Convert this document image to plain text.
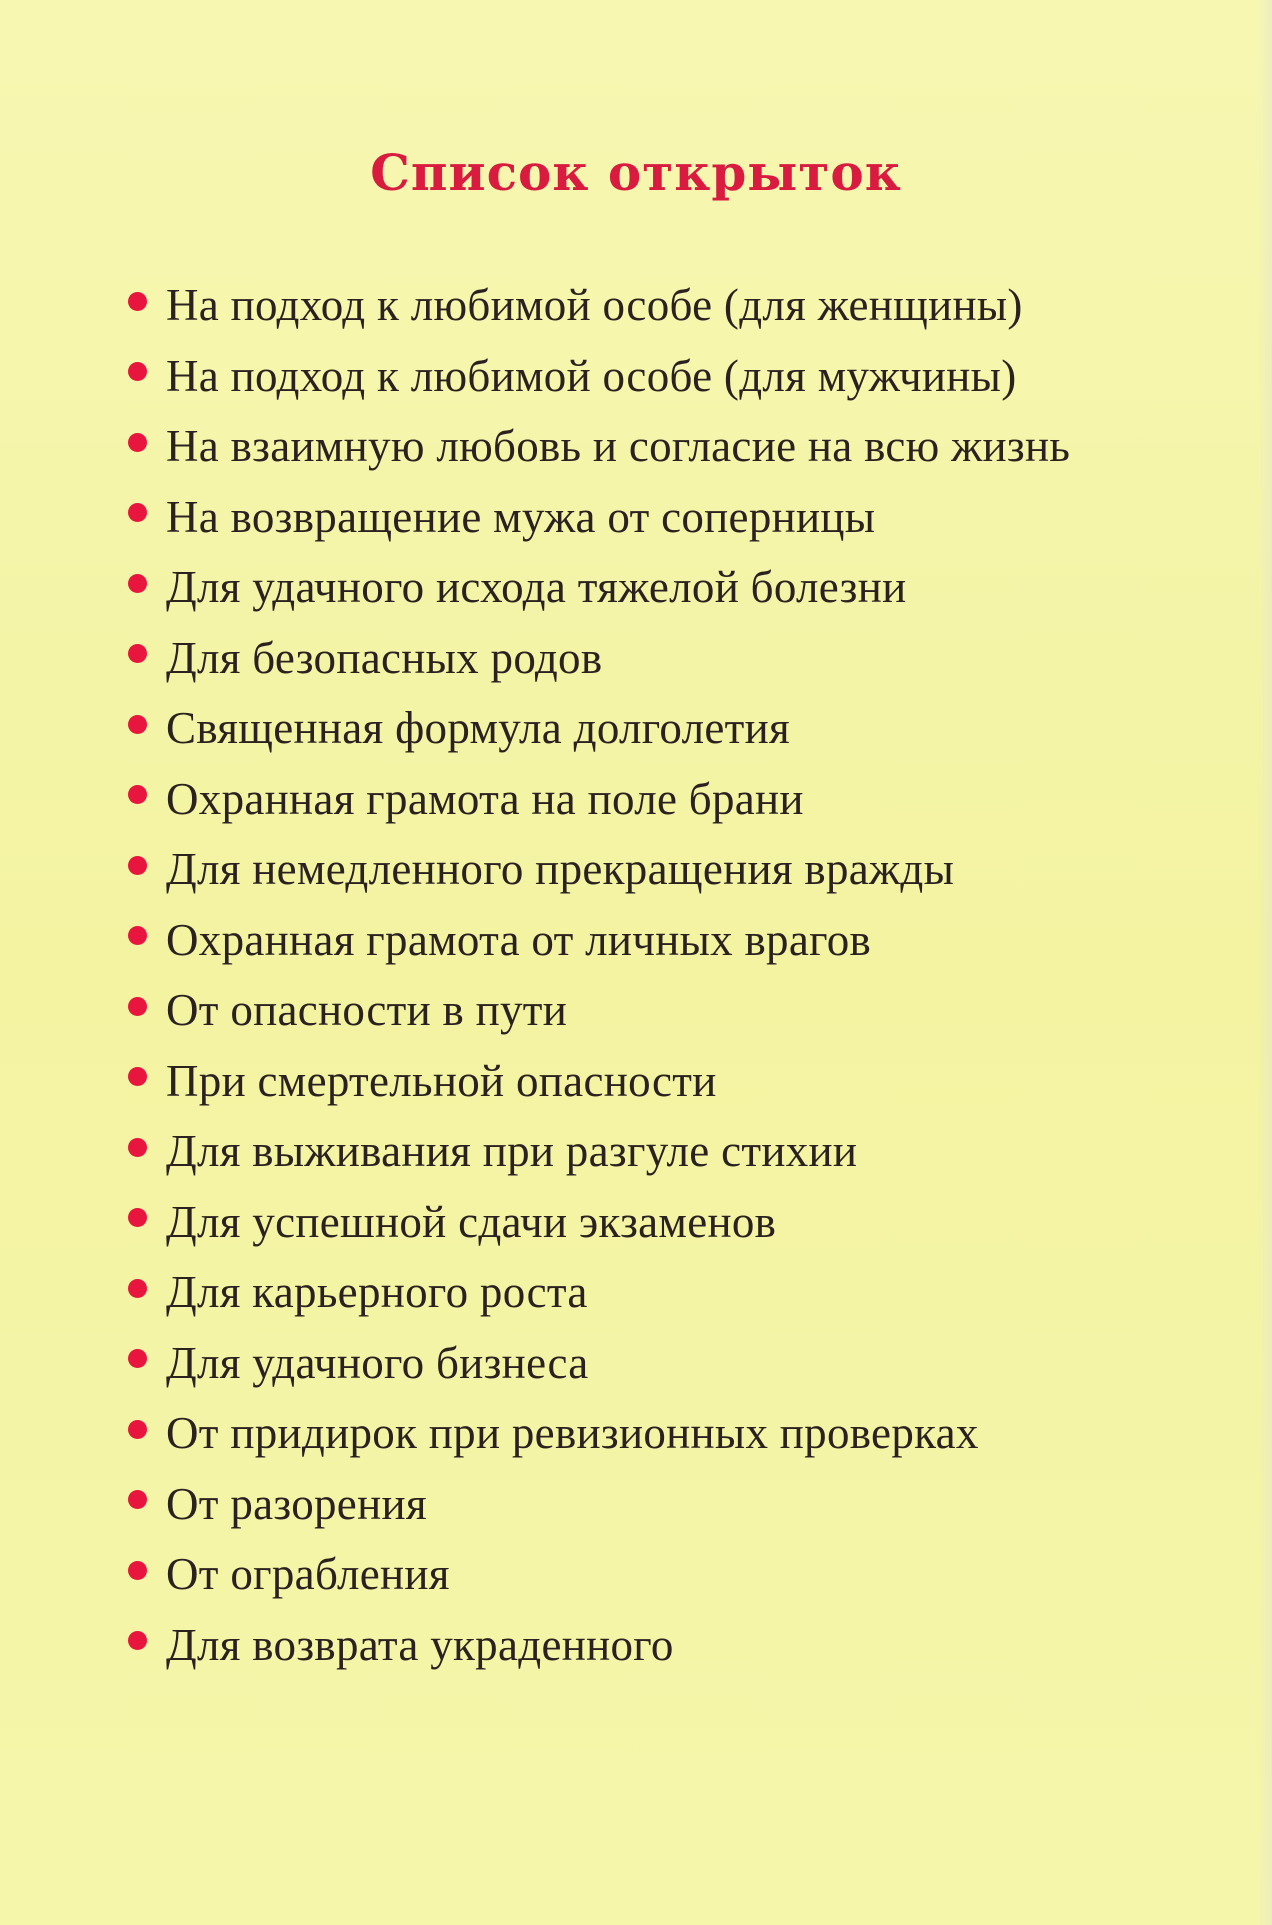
Список открыток
На подход к любимой особе (для женщины)
На подход к любимой особе (для мужчины)
На взаимную любовь и согласие на всю жизнь
На возвращение мужа от соперницы
Для удачного исхода тяжелой болезни
Для безопасных родов
Священная формула долголетия
Охранная грамота на поле брани
Для немедленного прекращения вражды
Охранная грамота от личных врагов
От опасности в пути
При смертельной опасности
Для выживания при разгуле стихии
Для успешной сдачи экзаменов
Для карьерного роста
Для удачного бизнеса
От придирок при ревизионных проверках
От разорения
От ограбления
Для возврата украденного
